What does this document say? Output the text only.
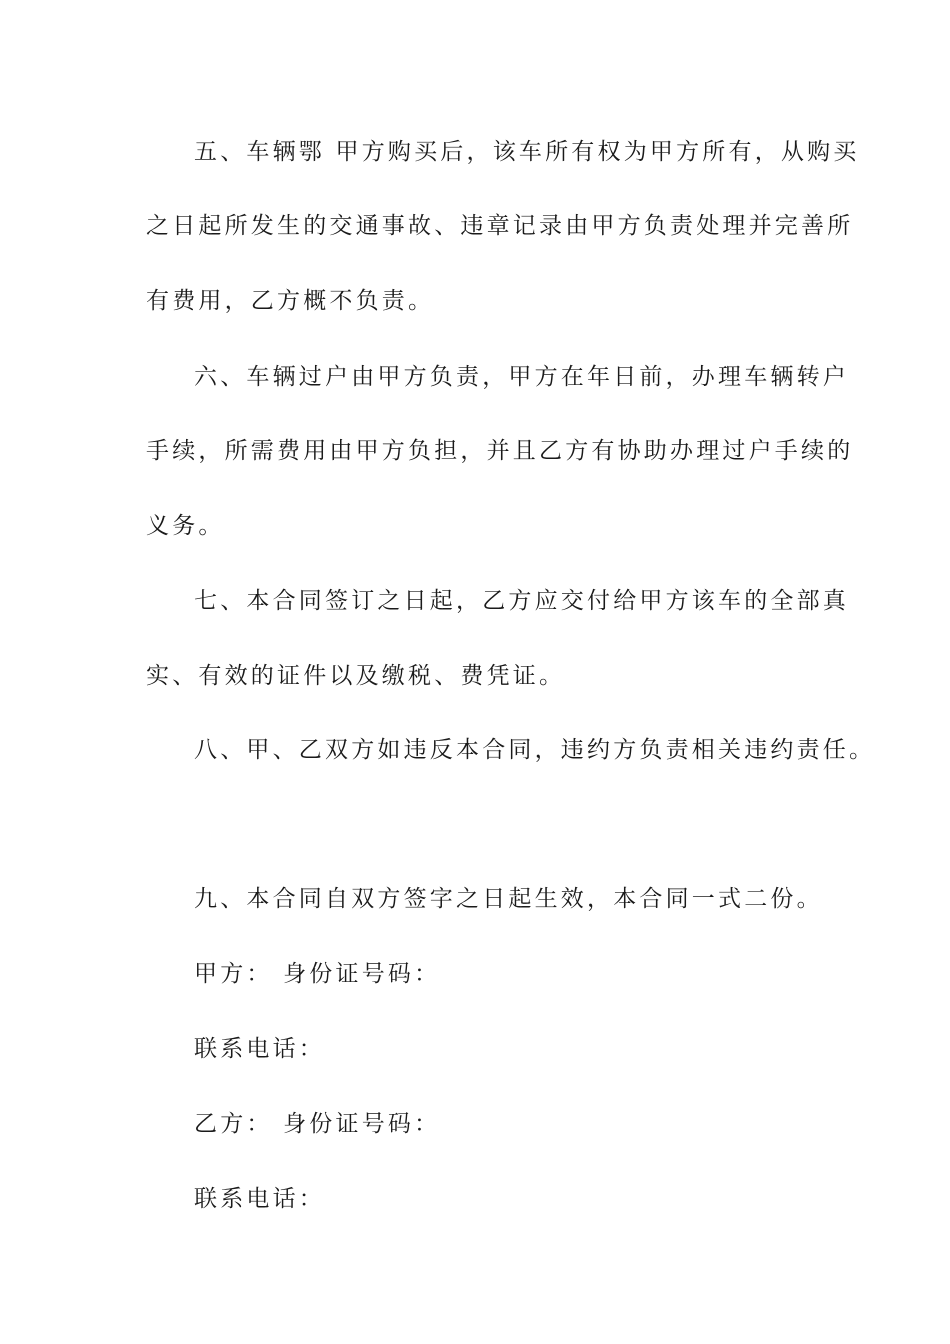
五、车辆鄂 甲方购买后，该车所有权为甲方所有，从购买
之日起所发生的交通事故、违章记录由甲方负责处理并完善所
有费用，乙方概不负责。
六、车辆过户由甲方负责，甲方在年日前，办理车辆转户
手续，所需费用由甲方负担，并且乙方有协助办理过户手续的
义务。
七、本合同签订之日起，乙方应交付给甲方该车的全部真
实、有效的证件以及缴税、费凭证。
八、甲、乙双方如违反本合同，违约方负责相关违约责任。
九、本合同自双方签字之日起生效，本合同一式二份。
甲方： 身份证号码：
联系电话：
乙方： 身份证号码：
联系电话：
